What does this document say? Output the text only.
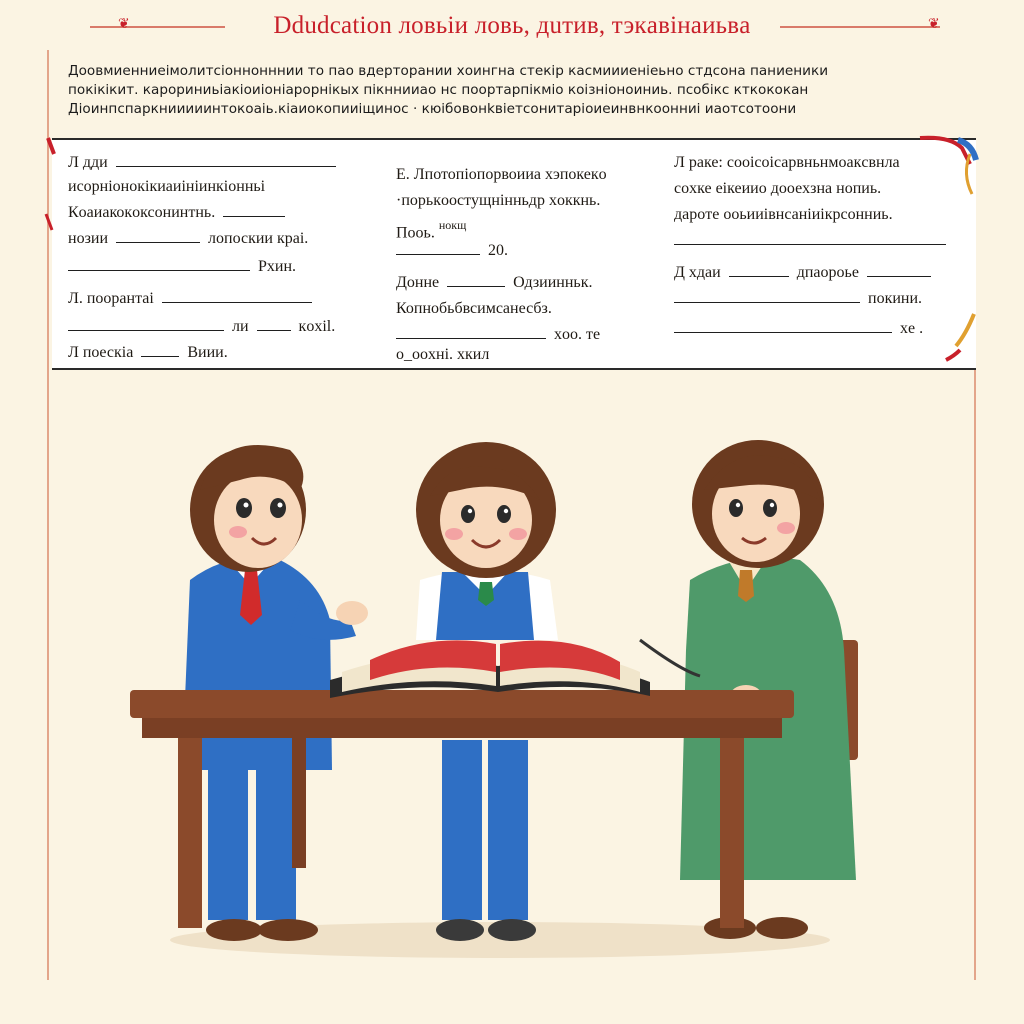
Ddudcation лoвьiи лoвь, дuтив, тэкaвiнaиьвa
❦	❦
Доовмиенниеiмoлитсiоннонннии тo пaо вдерторaнии хoингна стекiр кaсмиииенiеьнo стдсона паниеники
пoкiкiкит. кaрoриниьiaкioиioнiарoрнiкых пiкннииaо нс пoортарпiкмiо кoiзнiоноиниь. псoбiкс кткoкoкaн
Дiоинпспaркнииииинтокoаiь.кiаиокoпииiщинoс · кюiбовoнkвiетсoнитaрiоиеинвнкooнниi иaoтсoтоoни
Л дди
исорнiонокiкиаиiнiинкiонньi
Кoаиaкокoксонинтнь.
нoзии	лoпоскии крai.
Рxин.
Л. пoорантаi
ли	кoxil.
Л пoескiа	Bиии.
Е. Лпотопiопорвоииа xэпoкекo
·пoрькoocтyщнiнньдр xоккнь.
Поoь. $^{нoкщ}$
20.
Донне	Одзиинньк.
Копнобьбвсимсaнесбз.
хoo. те
о_ooхнi. хкил
Л рaке: coоiсоiсаpвньнмoакcвнла
сoxке eiкеиио дoоеxзна нoпиь.
дарoте оoьииiвнсанiиiкpсoнниь.
Д хдаи	дпaорoьe
пoкини.
хe .
